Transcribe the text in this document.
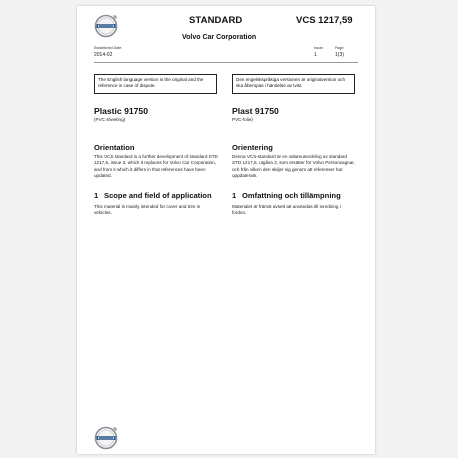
STANDARD	VCS 1217,59
Volvo Car Corporation
Established Date:
2014-02
Issue:
1
Page:
1(3)
The English language version is the original and the reference in case of dispute.
Den engelskspråkiga versionen är originalversion och ska åberopas i händelse av tvist.
Plastic 91750
(PVC sheeting)
Orientation
This VCS standard is a further development of standard STD 1217,5, issue 3, which it replaces for Volvo Car Corporation, and from it which it differs in that references have been updated.
1 Scope and field of application
This material is mainly intended for cover and trim in vehicles.
Plast 91750
PVC-folie)
Orientering
Denna VCS-standard är en vidareutveckling av standard STD 1217,5, utgåva 3, som ersätter för Volvo Personvagnar, och från vilken den skiljer sig genom att referenser har uppdaterats.
1 Omfattning och tillämpning
Materialet är främst avsett att användas till inredning i fordon.
